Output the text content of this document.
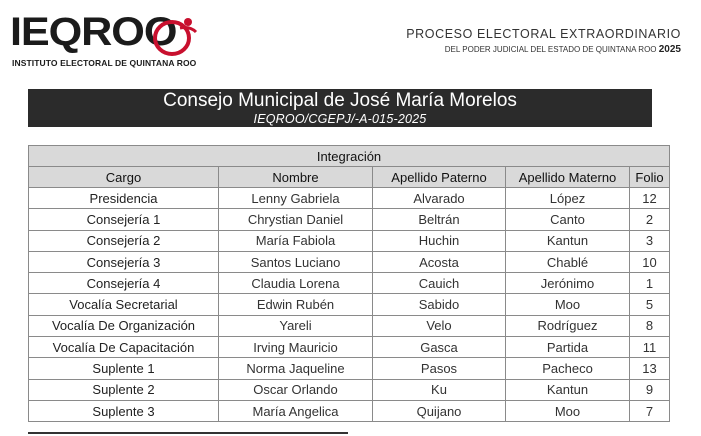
IEQROO
INSTITUTO ELECTORAL DE QUINTANA ROO
PROCESO ELECTORAL EXTRAORDINARIO
DEL PODER JUDICIAL DEL ESTADO DE QUINTANA ROO 2025
Consejo Municipal de José María Morelos
IEQROO/CGEPJ/-A-015-2025
Integración				
Cargo	Nombre	Apellido Paterno	Apellido Materno	Folio
Presidencia	Lenny Gabriela	Alvarado	López	12
Consejería 1	Chrystian Daniel	Beltrán	Canto	2
Consejería 2	María Fabiola	Huchin	Kantun	3
Consejería 3	Santos Luciano	Acosta	Chablé	10
Consejería 4	Claudia Lorena	Cauich	Jerónimo	1
Vocalía Secretarial	Edwin Rubén	Sabido	Moo	5
Vocalía De Organización	Yareli	Velo	Rodríguez	8
Vocalía De Capacitación	Irving Mauricio	Gasca	Partida	11
Suplente 1	Norma Jaqueline	Pasos	Pacheco	13
Suplente 2	Oscar Orlando	Ku	Kantun	9
Suplente 3	María Angelica	Quijano	Moo	7
